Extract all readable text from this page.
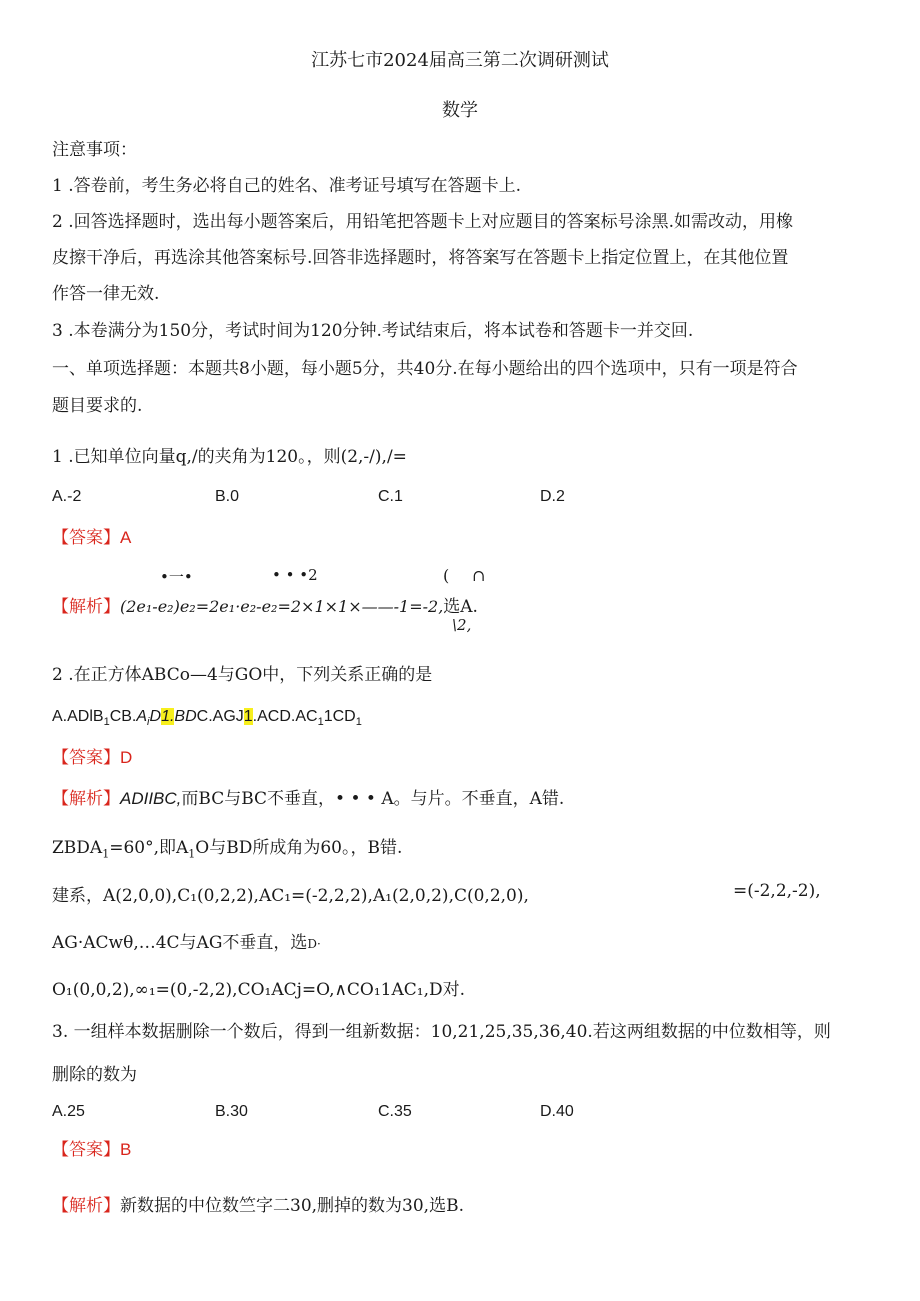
江苏七市2024届高三第二次调研测试
数学
注意事项：
1 .答卷前，考生务必将自己的姓名、准考证号填写在答题卡上.
2 .回答选择题时，选出每小题答案后，用铅笔把答题卡上对应题目的答案标号涂黑.如需改动，用橡
皮擦干净后，再选涂其他答案标号.回答非选择题时，将答案写在答题卡上指定位置上，在其他位置
作答一律无效.
3 .本卷满分为150分，考试时间为120分钟.考试结束后，将本试卷和答题卡一并交回.
一、单项选择题：本题共8小题，每小题5分，共40分.在每小题给出的四个选项中，只有一项是符合
题目要求的.
1 .已知单位向量q,/的夹角为120。，则(2,-/),/=
A.-2	B.0	C.1	D.2
【答案】A
•一•	• • •2	( ∩
【解析】(2e₁-e₂)e₂=2e₁·e₂-e₂=2×1×1×——-1=-2,选A.
\2,
2 .在正方体ABCo—4与GO中，下列关系正确的是
$A.ADlB_1CB.A_iD1.BDC.AGJ1.ACD.AC_11CD_1$
【答案】D
【解析】ADIIBC,而BC与BC不垂直，• • • A。与片。不垂直，A错.
$ZBDA_1=60^\circ$,即$A_1O$与BD所成角为60。，B错.
建系，A(2,0,0),C₁(0,2,2),AC₁=(-2,2,2),A₁(2,0,2),C(0,2,0),	=(-2,2,-2),
AG·ACwθ,…4C与AG不垂直，选D·
O₁(0,0,2),∞₁=(0,-2,2),CO₁ACj=O,∧CO₁1AC₁,D对.
3. 一组样本数据删除一个数后，得到一组新数据：10,21,25,35,36,40.若这两组数据的中位数相等，则
删除的数为
A.25	B.30	C.35	D.40
【答案】B
【解析】新数据的中位数竺字二30,删掉的数为30,选B.
